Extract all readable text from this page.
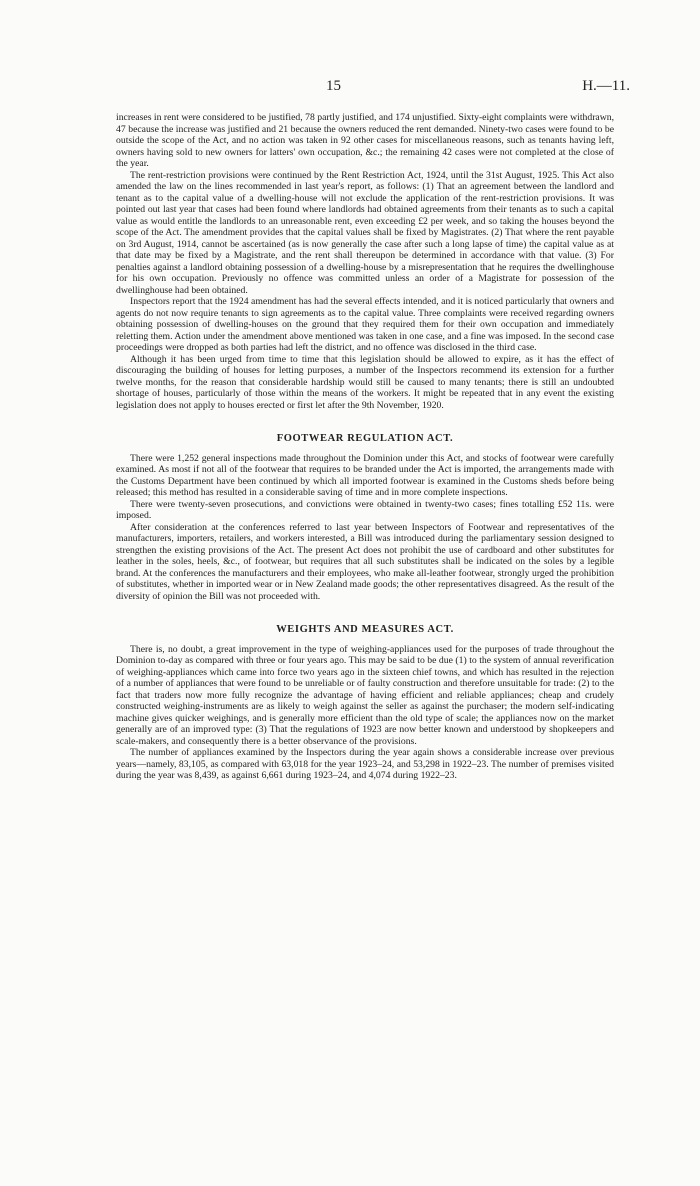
15	H.—11.

increases in rent were considered to be justified, 78 partly justified, and 174 unjustified. Sixty-eight complaints were withdrawn, 47 because the increase was justified and 21 because the owners reduced the rent demanded. Ninety-two cases were found to be outside the scope of the Act, and no action was taken in 92 other cases for miscellaneous reasons, such as tenants having left, owners having sold to new owners for latters' own occupation, &c.; the remaining 42 cases were not completed at the close of the year.

The rent-restriction provisions were continued by the Rent Restriction Act, 1924, until the 31st August, 1925. This Act also amended the law on the lines recommended in last year's report, as follows: (1) That an agreement between the landlord and tenant as to the capital value of a dwelling-house will not exclude the application of the rent-restriction provisions. It was pointed out last year that cases had been found where landlords had obtained agreements from their tenants as to such a capital value as would entitle the landlords to an unreasonable rent, even exceeding £2 per week, and so taking the houses beyond the scope of the Act. The amendment provides that the capital values shall be fixed by Magistrates. (2) That where the rent payable on 3rd August, 1914, cannot be ascertained (as is now generally the case after such a long lapse of time) the capital value as at that date may be fixed by a Magistrate, and the rent shall thereupon be determined in accordance with that value. (3) For penalties against a landlord obtaining possession of a dwelling-house by a misrepresentation that he requires the dwellinghouse for his own occupation. Previously no offence was committed unless an order of a Magistrate for possession of the dwellinghouse had been obtained.

Inspectors report that the 1924 amendment has had the several effects intended, and it is noticed particularly that owners and agents do not now require tenants to sign agreements as to the capital value. Three complaints were received regarding owners obtaining possession of dwelling-houses on the ground that they required them for their own occupation and immediately reletting them. Action under the amendment above mentioned was taken in one case, and a fine was imposed. In the second case proceedings were dropped as both parties had left the district, and no offence was disclosed in the third case.

Although it has been urged from time to time that this legislation should be allowed to expire, as it has the effect of discouraging the building of houses for letting purposes, a number of the Inspectors recommend its extension for a further twelve months, for the reason that considerable hardship would still be caused to many tenants; there is still an undoubted shortage of houses, particularly of those within the means of the workers. It might be repeated that in any event the existing legislation does not apply to houses erected or first let after the 9th November, 1920.

FOOTWEAR REGULATION ACT.

There were 1,252 general inspections made throughout the Dominion under this Act, and stocks of footwear were carefully examined. As most if not all of the footwear that requires to be branded under the Act is imported, the arrangements made with the Customs Department have been continued by which all imported footwear is examined in the Customs sheds before being released; this method has resulted in a considerable saving of time and in more complete inspections.

There were twenty-seven prosecutions, and convictions were obtained in twenty-two cases; fines totalling £52 11s. were imposed.

After consideration at the conferences referred to last year between Inspectors of Footwear and representatives of the manufacturers, importers, retailers, and workers interested, a Bill was introduced during the parliamentary session designed to strengthen the existing provisions of the Act. The present Act does not prohibit the use of cardboard and other substitutes for leather in the soles, heels, &c., of footwear, but requires that all such substitutes shall be indicated on the soles by a legible brand. At the conferences the manufacturers and their employees, who make all-leather footwear, strongly urged the prohibition of substitutes, whether in imported wear or in New Zealand made goods; the other representatives disagreed. As the result of the diversity of opinion the Bill was not proceeded with.

WEIGHTS AND MEASURES ACT.

There is, no doubt, a great improvement in the type of weighing-appliances used for the purposes of trade throughout the Dominion to-day as compared with three or four years ago. This may be said to be due (1) to the system of annual reverification of weighing-appliances which came into force two years ago in the sixteen chief towns, and which has resulted in the rejection of a number of appliances that were found to be unreliable or of faulty construction and therefore unsuitable for trade: (2) to the fact that traders now more fully recognize the advantage of having efficient and reliable appliances; cheap and crudely constructed weighing-instruments are as likely to weigh against the seller as against the purchaser; the modern self-indicating machine gives quicker weighings, and is generally more efficient than the old type of scale; the appliances now on the market generally are of an improved type: (3) That the regulations of 1923 are now better known and understood by shopkeepers and scale-makers, and consequently there is a better observance of the provisions.

The number of appliances examined by the Inspectors during the year again shows a considerable increase over previous years—namely, 83,105, as compared with 63,018 for the year 1923–24, and 53,298 in 1922–23. The number of premises visited during the year was 8,439, as against 6,661 during 1923–24, and 4,074 during 1922–23.
